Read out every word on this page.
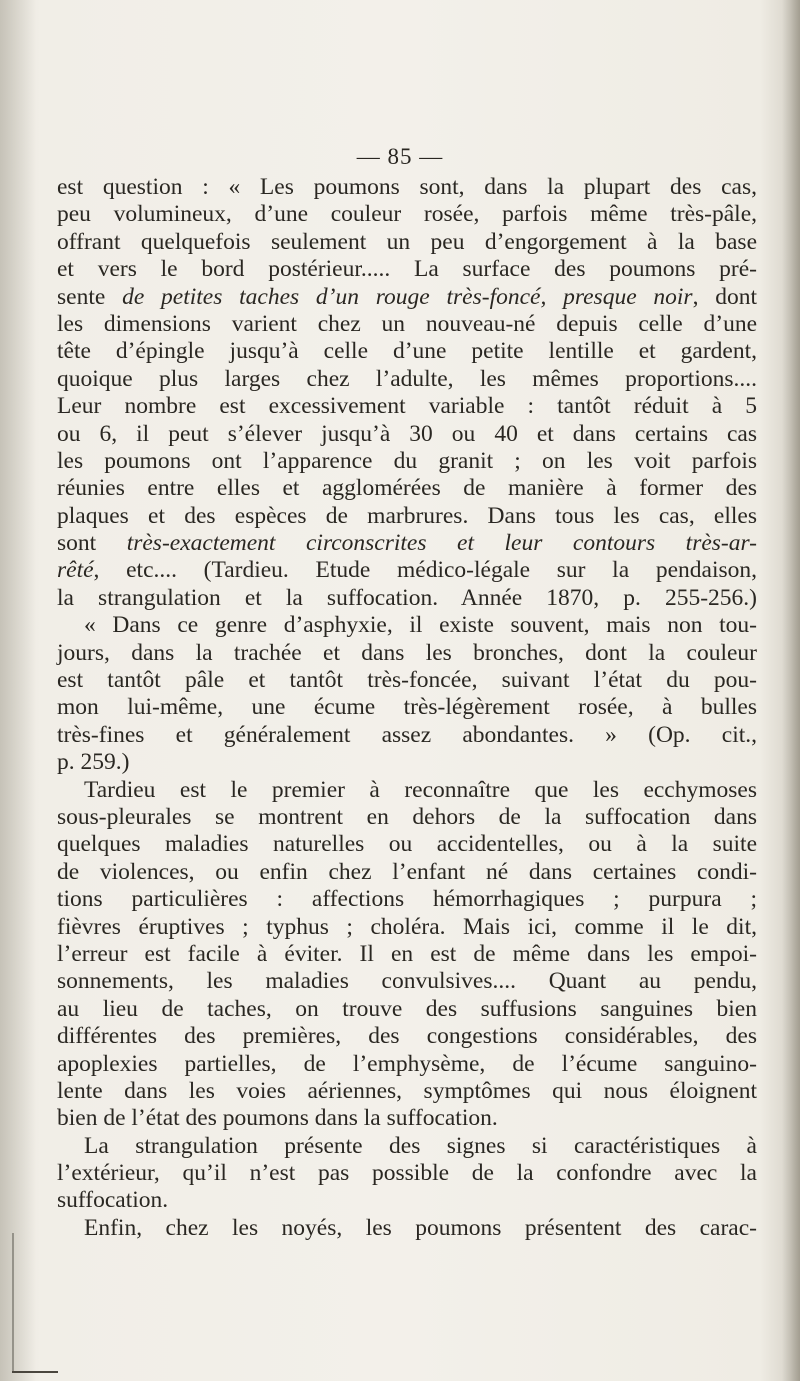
— 85 —
est question : « Les poumons sont, dans la plupart des cas,
peu volumineux, d’une couleur rosée, parfois même très-pâle,
offrant quelquefois seulement un peu d’engorgement à la base
et vers le bord postérieur..... La surface des poumons pré-
sente de petites taches d’un rouge très-foncé, presque noir, dont
les dimensions varient chez un nouveau-né depuis celle d’une
tête d’épingle jusqu’à celle d’une petite lentille et gardent,
quoique plus larges chez l’adulte, les mêmes proportions....
Leur nombre est excessivement variable : tantôt réduit à 5
ou 6, il peut s’élever jusqu’à 30 ou 40 et dans certains cas
les poumons ont l’apparence du granit ; on les voit parfois
réunies entre elles et agglomérées de manière à former des
plaques et des espèces de marbrures. Dans tous les cas, elles
sont très-exactement circonscrites et leur contours très-ar-
rêté, etc.... (Tardieu. Etude médico-légale sur la pendaison,
la strangulation et la suffocation. Année 1870, p. 255-256.)
« Dans ce genre d’asphyxie, il existe souvent, mais non tou-
jours, dans la trachée et dans les bronches, dont la couleur
est tantôt pâle et tantôt très-foncée, suivant l’état du pou-
mon lui-même, une écume très-légèrement rosée, à bulles
très-fines et généralement assez abondantes. » (Op. cit.,
p. 259.)
Tardieu est le premier à reconnaître que les ecchymoses
sous-pleurales se montrent en dehors de la suffocation dans
quelques maladies naturelles ou accidentelles, ou à la suite
de violences, ou enfin chez l’enfant né dans certaines condi-
tions particulières : affections hémorrhagiques ; purpura ;
fièvres éruptives ; typhus ; choléra. Mais ici, comme il le dit,
l’erreur est facile à éviter. Il en est de même dans les empoi-
sonnements, les maladies convulsives.... Quant au pendu,
au lieu de taches, on trouve des suffusions sanguines bien
différentes des premières, des congestions considérables, des
apoplexies partielles, de l’emphysème, de l’écume sanguino-
lente dans les voies aériennes, symptômes qui nous éloignent
bien de l’état des poumons dans la suffocation.
La strangulation présente des signes si caractéristiques à
l’extérieur, qu’il n’est pas possible de la confondre avec la
suffocation.
Enfin, chez les noyés, les poumons présentent des carac-
